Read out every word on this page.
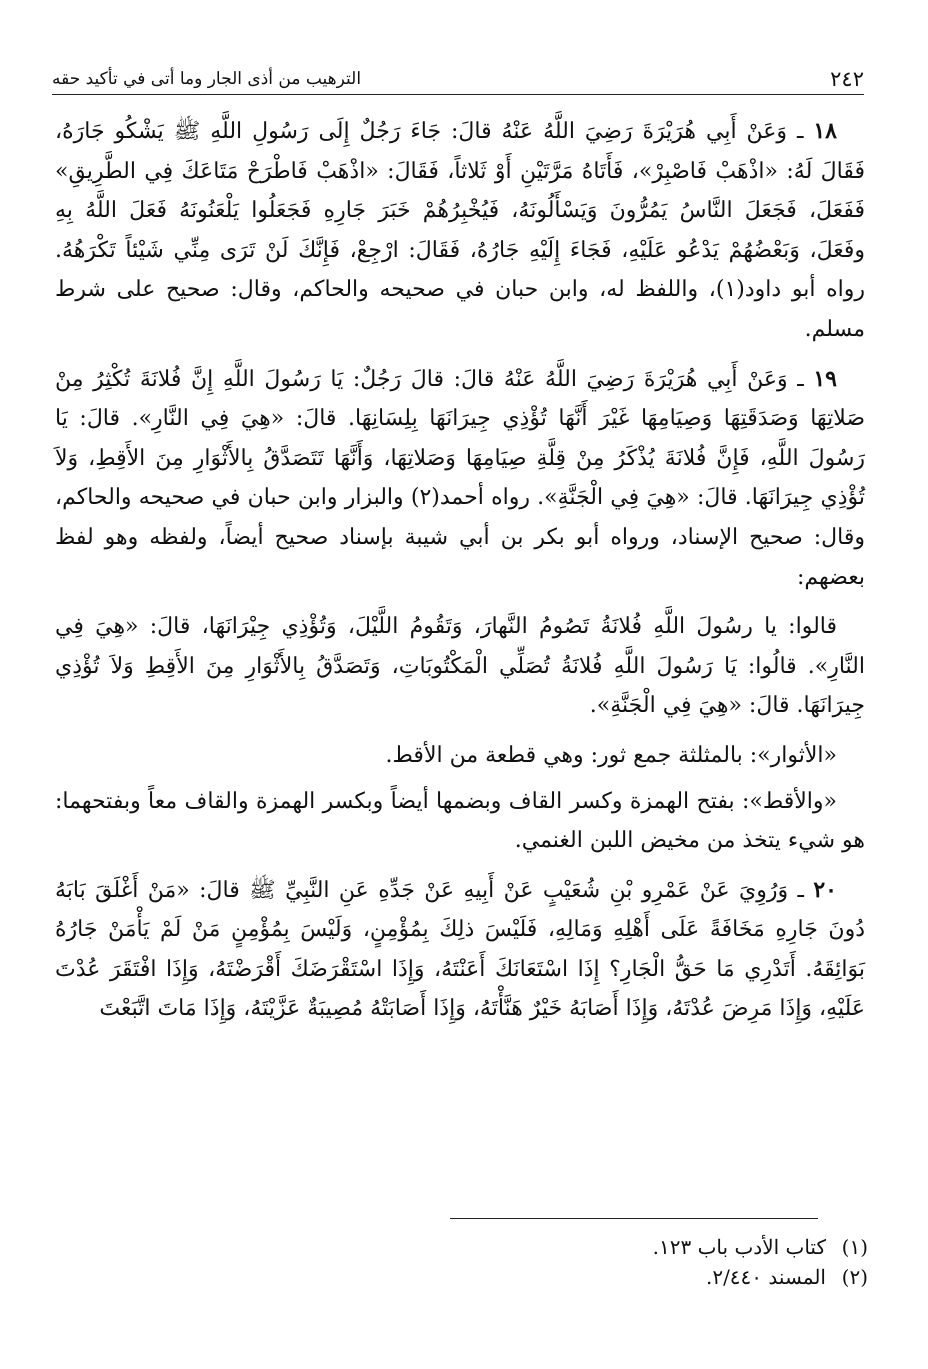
٢٤٢
الترهيب من أذى الجار وما أتى في تأكيد حقه

١٨ ـ وَعَنْ أَبِي هُرَيْرَةَ رَضِيَ اللَّهُ عَنْهُ قالَ: جَاءَ رَجُلٌ إِلَى رَسُولِ اللَّهِ ﷺ يَشْكُو جَارَهُ، فَقَالَ لَهُ: «اذْهَبْ فَاصْبِرْ»، فَأَتَاهُ مَرَّتَيْنِ أَوْ ثَلاثاً، فَقَالَ: «اذْهَبْ فَاطْرَحْ مَتَاعَكَ فِي الطَّرِيقِ» فَفَعَلَ، فَجَعَلَ النَّاسُ يَمُرُّونَ وَيَسْأَلُونَهُ، فَيُخْبِرُهُمْ خَبَرَ جَارِهِ فَجَعَلُوا يَلْعَنُونَهُ فَعَلَ اللَّهُ بِهِ وفَعَلَ، وَبَعْضُهُمْ يَدْعُو عَلَيْهِ، فَجَاءَ إِلَيْهِ جَارُهُ، فَقَالَ: ارْجِعْ، فَإِنَّكَ لَنْ تَرَى مِنِّي شَيْئاً تَكْرَهُهُ. رواه أبو داود(١)، واللفظ له، وابن حبان في صحيحه والحاكم، وقال: صحيح على شرط مسلم.

١٩ ـ وَعَنْ أَبِي هُرَيْرَةَ رَضِيَ اللَّهُ عَنْهُ قالَ: قالَ رَجُلٌ: يَا رَسُولَ اللَّهِ إِنَّ فُلانَةَ تُكْثِرُ مِنْ صَلاتِهَا وَصَدَقَتِهَا وَصِيَامِهَا غَيْرَ أَنَّهَا تُؤْذِي جِيرَانَهَا بِلِسَانِهَا. قالَ: «هِيَ فِي النَّارِ». قالَ: يَا رَسُولَ اللَّهِ، فَإِنَّ فُلانَةَ يُذْكَرُ مِنْ قِلَّةِ صِيَامِهَا وَصَلاتِهَا، وَأَنَّهَا تَتَصَدَّقُ بِالأَثْوَارِ مِنَ الأَقِطِ، وَلاَ تُؤْذِي جِيرَانَهَا. قالَ: «هِيَ فِي الْجَنَّةِ». رواه أحمد(٢) والبزار وابن حبان في صحيحه والحاكم، وقال: صحيح الإسناد، ورواه أبو بكر بن أبي شيبة بإسناد صحيح أيضاً، ولفظه وهو لفظ بعضهم:

قالوا: يا رسُولَ اللَّهِ فُلانَةُ تَصُومُ النَّهارَ، وَتَقُومُ اللَّيْلَ، وَتُؤْذِي جِيْرَانَهَا، قالَ: «هِيَ فِي النَّارِ». قالُوا: يَا رَسُولَ اللَّهِ فُلانَةُ تُصَلِّي الْمَكْتُوبَاتِ، وَتَصَدَّقُ بِالأَثْوَارِ مِنَ الأَقِطِ وَلاَ تُؤْذِي جِيرَانَهَا. قالَ: «هِيَ فِي الْجَنَّةِ».

«الأثوار»: بالمثلثة جمع ثور: وهي قطعة من الأقط.

«والأقط»: بفتح الهمزة وكسر القاف وبضمها أيضاً وبكسر الهمزة والقاف معاً وبفتحهما: هو شيء يتخذ من مخيض اللبن الغنمي.

٢٠ ـ وَرُوِيَ عَنْ عَمْرِو بْنِ شُعَيْبٍ عَنْ أَبِيهِ عَنْ جَدِّهِ عَنِ النَّبِيِّ ﷺ قالَ: «مَنْ أَغْلَقَ بَابَهُ دُونَ جَارِهِ مَخَافَةً عَلَى أَهْلِهِ وَمَالِهِ، فَلَيْسَ ذلِكَ بِمُؤْمِنٍ، وَلَيْسَ بِمُؤْمِنٍ مَنْ لَمْ يَأْمَنْ جَارُهُ بَوَائِقَهُ. أَتَدْرِي مَا حَقُّ الْجَارِ؟ إِذَا اسْتَعَانَكَ أَعَنْتَهُ، وَإِذَا اسْتَقْرَضَكَ أَقْرَضْتَهُ، وَإِذَا افْتَقَرَ عُدْتَ عَلَيْهِ، وَإِذَا مَرِضَ عُدْتَهُ، وَإِذَا أَصَابَهُ خَيْرٌ هَنَّأْتَهُ، وَإِذَا أَصَابَتْهُ مُصِيبَةٌ عَزَّيْتَهُ، وَإِذَا مَاتَ اتَّبَعْتَ

(١)كتاب الأدب باب ١٢٣.
(٢)المسند ٢/٤٤٠.
